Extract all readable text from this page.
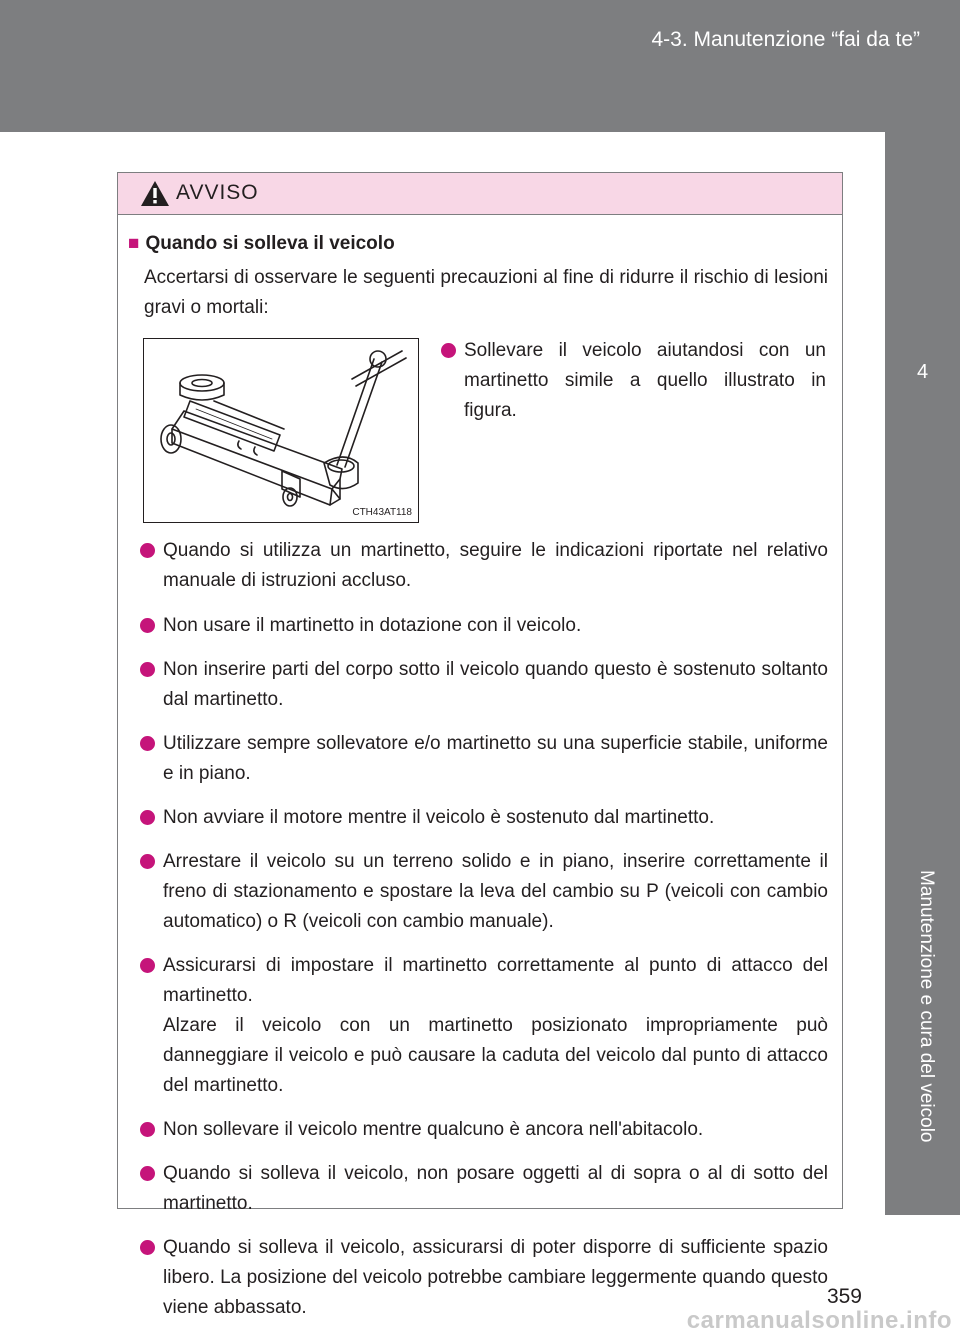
4-3. Manutenzione “fai da te”
4
Manutenzione e cura del veicolo
AVVISO
■ Quando si solleva il veicolo
Accertarsi di osservare le seguenti precauzioni al fine di ridurre il rischio di lesioni gravi o mortali:
CTH43AT118
Sollevare il veicolo aiutandosi con un martinetto simile a quello illustrato in figura.
Quando si utilizza un martinetto, seguire le indicazioni riportate nel relativo manuale di istruzioni accluso.
Non usare il martinetto in dotazione con il veicolo.
Non inserire parti del corpo sotto il veicolo quando questo è sostenuto soltanto dal martinetto.
Utilizzare sempre sollevatore e/o martinetto su una superficie stabile, uniforme e in piano.
Non avviare il motore mentre il veicolo è sostenuto dal martinetto.
Arrestare il veicolo su un terreno solido e in piano, inserire correttamente il freno di stazionamento e spostare la leva del cambio su P (veicoli con cambio automatico) o R (veicoli con cambio manuale).
Assicurarsi di impostare il martinetto correttamente al punto di attacco del martinetto.
Alzare il veicolo con un martinetto posizionato impropriamente può danneggiare il veicolo e può causare la caduta del veicolo dal punto di attacco del martinetto.
Non sollevare il veicolo mentre qualcuno è ancora nell'abitacolo.
Quando si solleva il veicolo, non posare oggetti al di sopra o al di sotto del martinetto.
Quando si solleva il veicolo, assicurarsi di poter disporre di sufficiente spazio libero. La posizione del veicolo potrebbe cambiare leggermente quando questo viene abbassato.	359
carmanualsonline.info
